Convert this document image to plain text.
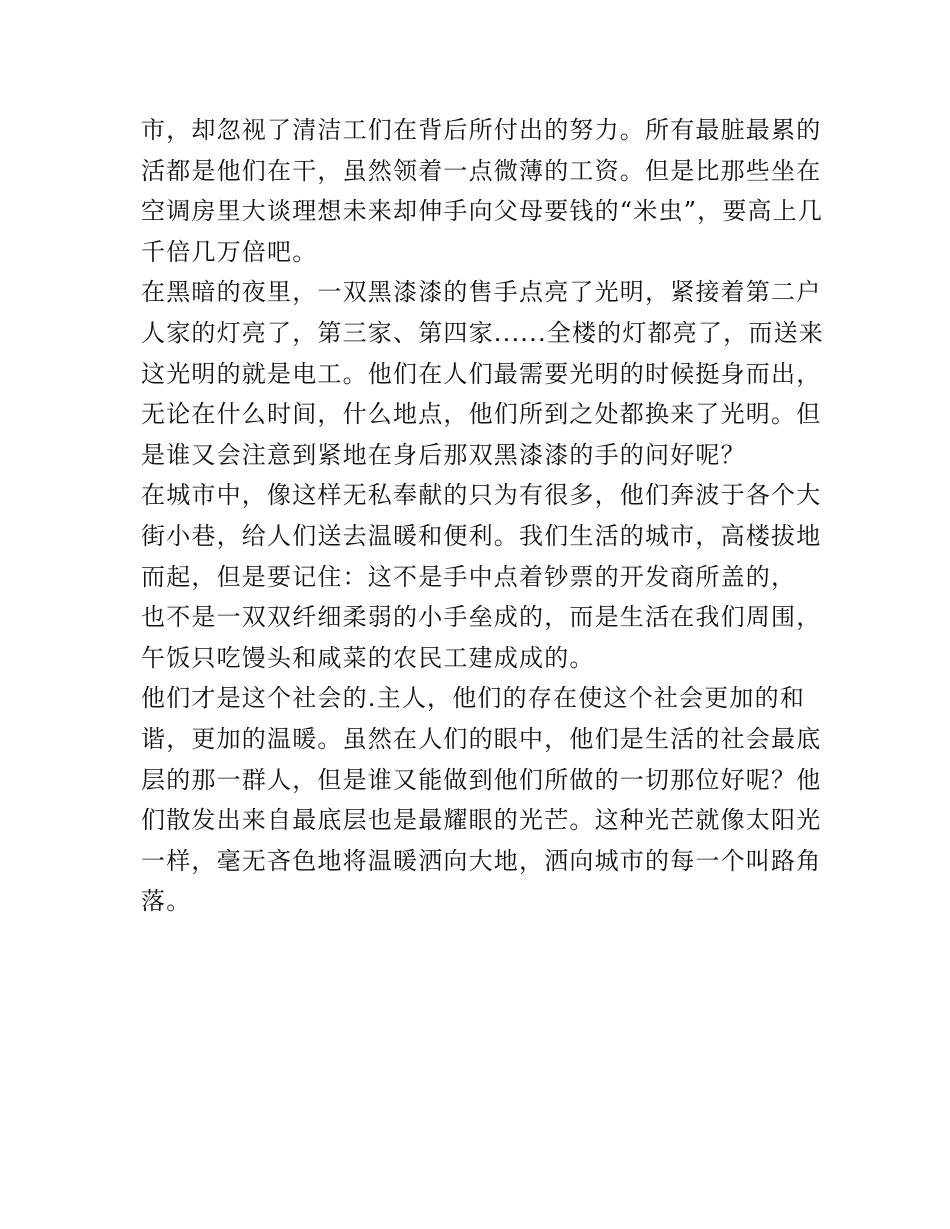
市，却忽视了清洁工们在背后所付出的努力。所有最脏最累的
活都是他们在干，虽然领着一点微薄的工资。但是比那些坐在
空调房里大谈理想未来却伸手向父母要钱的“米虫”，要高上几
千倍几万倍吧。
在黑暗的夜里，一双黑漆漆的售手点亮了光明，紧接着第二户
人家的灯亮了，第三家、第四家......全楼的灯都亮了，而送来
这光明的就是电工。他们在人们最需要光明的时候挺身而出，
无论在什么时间，什么地点，他们所到之处都换来了光明。但
是谁又会注意到紧地在身后那双黑漆漆的手的问好呢？
在城市中，像这样无私奉献的只为有很多，他们奔波于各个大
街小巷，给人们送去温暖和便利。我们生活的城市，高楼拔地
而起，但是要记住：这不是手中点着钞票的开发商所盖的，
也不是一双双纤细柔弱的小手垒成的，而是生活在我们周围，
午饭只吃馒头和咸菜的农民工建成成的。
他们才是这个社会的.主人，他们的存在使这个社会更加的和
谐，更加的温暖。虽然在人们的眼中，他们是生活的社会最底
层的那一群人，但是谁又能做到他们所做的一切那位好呢？他
们散发出来自最底层也是最耀眼的光芒。这种光芒就像太阳光
一样，毫无吝色地将温暖洒向大地，洒向城市的每一个叫路角
落。
